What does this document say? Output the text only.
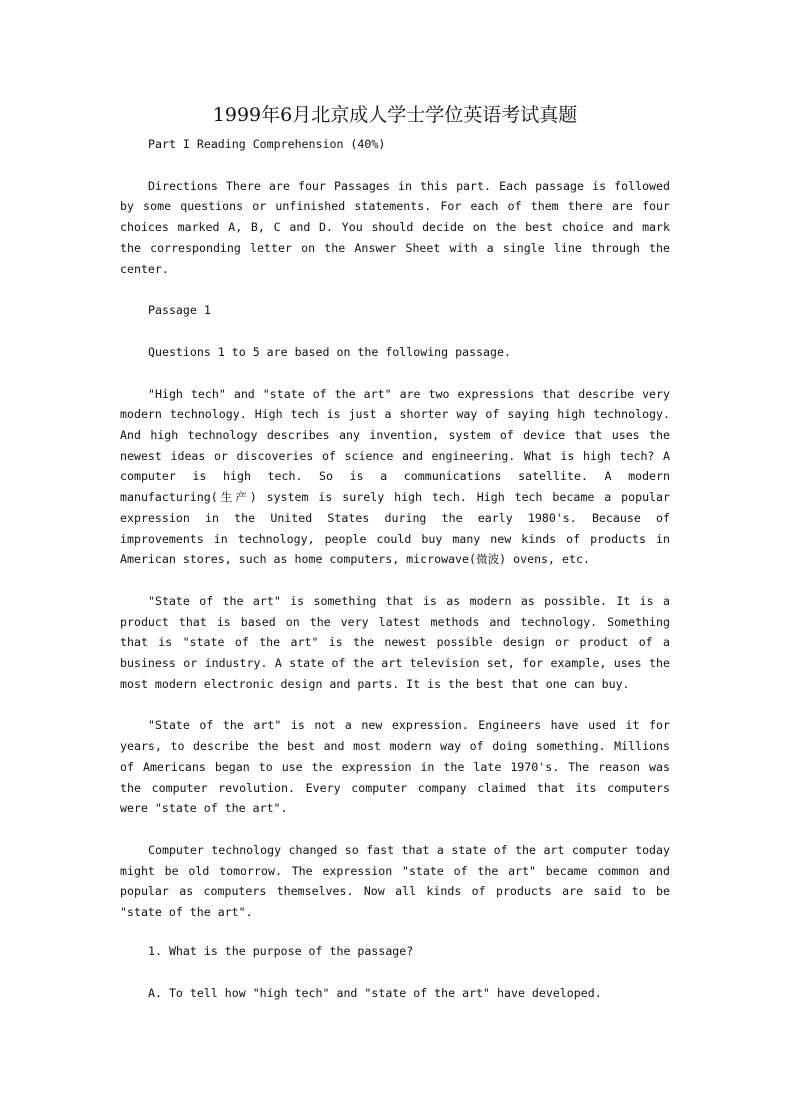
1999年6月北京成人学士学位英语考试真题

Part I Reading Comprehension (40%)

Directions There are four Passages in this part. Each passage is followed by some questions or unfinished statements. For each of them there are four choices marked A, B, C and D. You should decide on the best choice and mark the corresponding letter on the Answer Sheet with a single line through the center.

Passage 1

Questions 1 to 5 are based on the following passage.

"High tech" and "state of the art" are two expressions that describe very modern technology. High tech is just a shorter way of saying high technology. And high technology describes any invention, system of device that uses the newest ideas or discoveries of science and engineering. What is high tech? A computer is high tech. So is a communications satellite. A modern manufacturing(生产) system is surely high tech. High tech became a popular expression in the United States during the early 1980's. Because of improvements in technology, people could buy many new kinds of products in American stores, such as home computers, microwave(微波) ovens, etc.

"State of the art" is something that is as modern as possible. It is a product that is based on the very latest methods and technology. Something that is "state of the art" is the newest possible design or product of a business or industry. A state of the art television set, for example, uses the most modern electronic design and parts. It is the best that one can buy.

"State of the art" is not a new expression. Engineers have used it for years, to describe the best and most modern way of doing something. Millions of Americans began to use the expression in the late 1970's. The reason was the computer revolution. Every computer company claimed that its computers were "state of the art".

Computer technology changed so fast that a state of the art computer today might be old tomorrow. The expression "state of the art" became common and popular as computers themselves. Now all kinds of products are said to be "state of the art".

1. What is the purpose of the passage?

A. To tell how "high tech" and "state of the art" have developed.
